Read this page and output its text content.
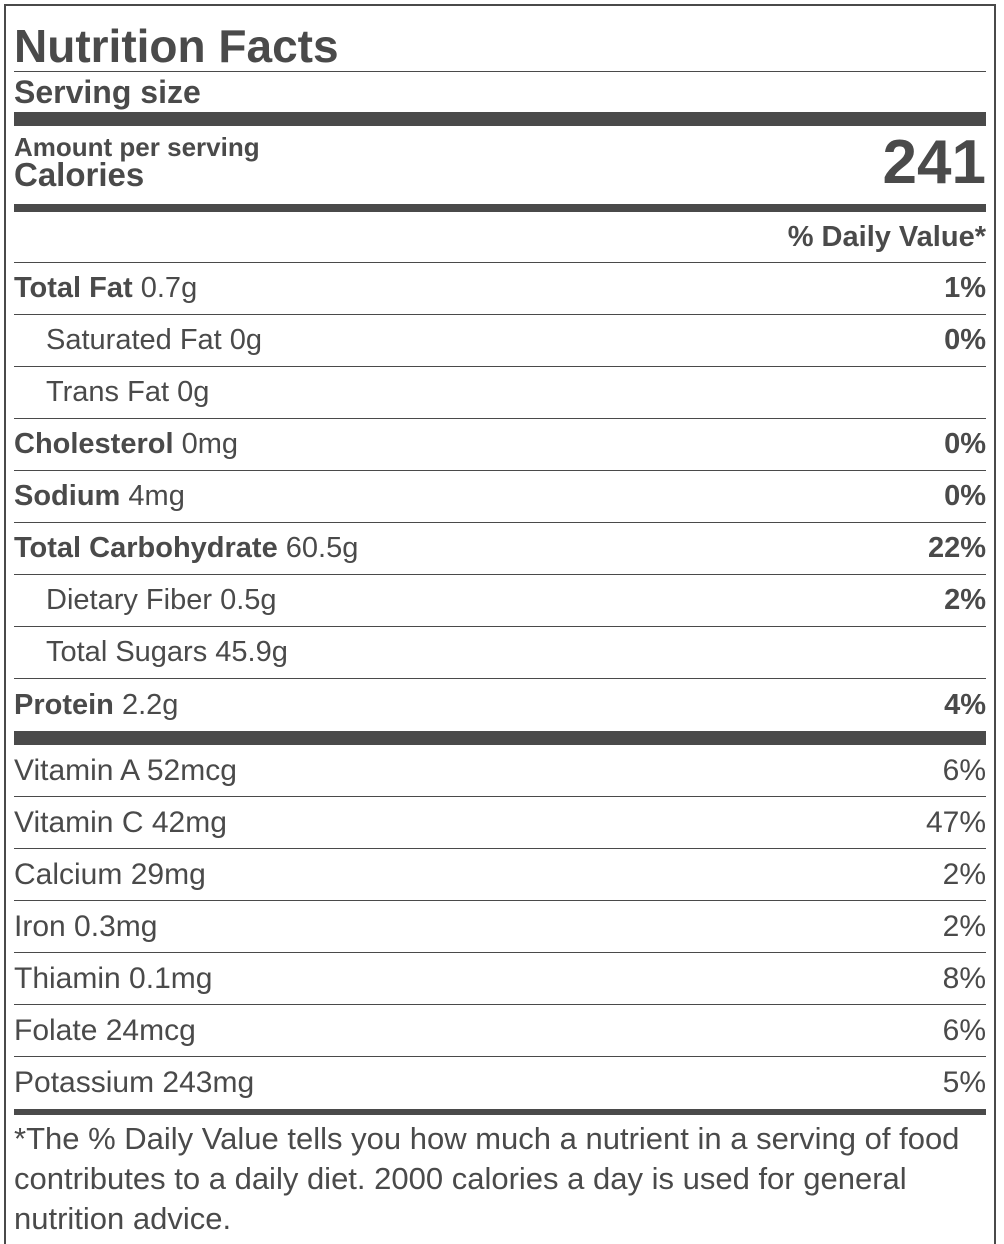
Nutrition Facts
Serving size
Amount per serving
Calories	241
% Daily Value*
Total Fat 0.7g	1%
Saturated Fat 0g	0%
Trans Fat 0g
Cholesterol 0mg	0%
Sodium 4mg	0%
Total Carbohydrate 60.5g	22%
Dietary Fiber 0.5g	2%
Total Sugars 45.9g
Protein 2.2g	4%
Vitamin A 52mcg	6%
Vitamin C 42mg	47%
Calcium 29mg	2%
Iron 0.3mg	2%
Thiamin 0.1mg	8%
Folate 24mcg	6%
Potassium 243mg	5%
*The % Daily Value tells you how much a nutrient in a serving of food contributes to a daily diet. 2000 calories a day is used for general nutrition advice.
